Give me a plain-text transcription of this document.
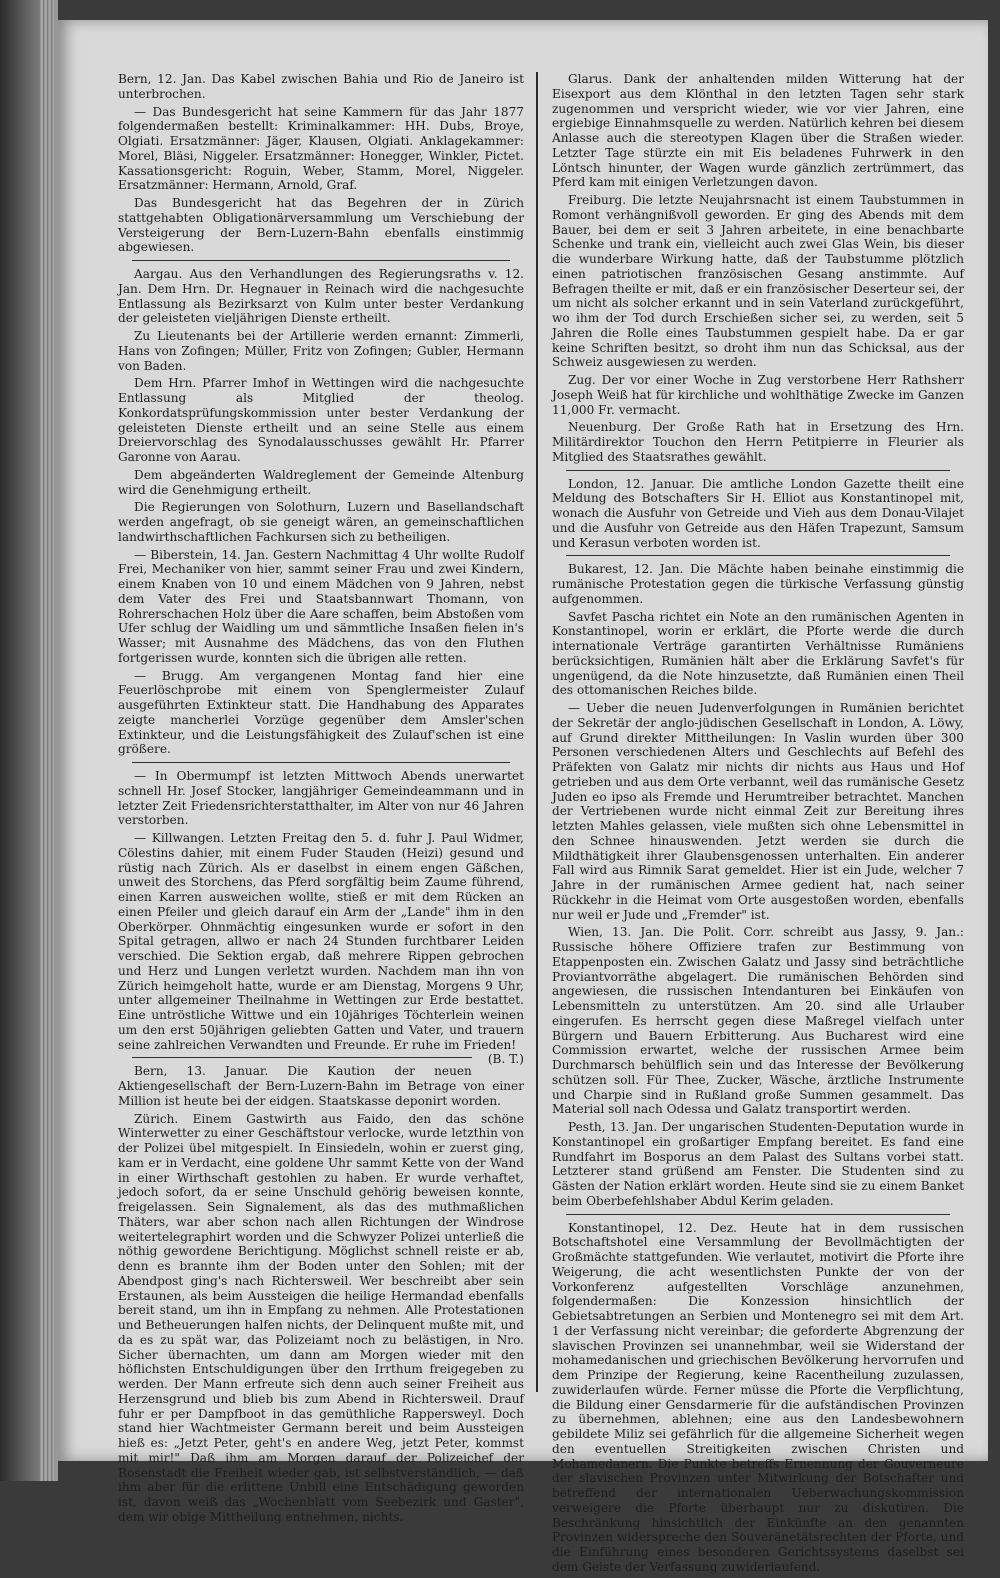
Bern, 12. Jan. Das Kabel zwischen Bahia und Rio de Janeiro ist unterbrochen.

— Das Bundesgericht hat seine Kammern für das Jahr 1877 folgendermaßen bestellt: Kriminalkammer: HH. Dubs, Broye, Olgiati. Ersatzmänner: Jäger, Klausen, Olgiati. Anklagekammer: Morel, Bläsi, Niggeler. Ersatzmänner: Honegger, Winkler, Pictet. Kassationsgericht: Roguin, Weber, Stamm, Morel, Niggeler. Ersatzmänner: Hermann, Arnold, Graf.

Das Bundesgericht hat das Begehren der in Zürich stattgehabten Obligationärversammlung um Verschiebung der Versteigerung der Bern-Luzern-Bahn ebenfalls einstimmig abgewiesen.

Aargau. Aus den Verhandlungen des Regierungsraths v. 12. Jan. Dem Hrn. Dr. Hegnauer in Reinach wird die nachgesuchte Entlassung als Bezirksarzt von Kulm unter bester Verdankung der geleisteten vieljährigen Dienste ertheilt.

Zu Lieutenants bei der Artillerie werden ernannt: Zimmerli, Hans von Zofingen; Müller, Fritz von Zofingen; Gubler, Hermann von Baden.

Dem Hrn. Pfarrer Imhof in Wettingen wird die nachgesuchte Entlassung als Mitglied der theolog. Konkordatsprüfungskommission unter bester Verdankung der geleisteten Dienste ertheilt und an seine Stelle aus einem Dreiervorschlag des Synodalausschusses gewählt Hr. Pfarrer Garonne von Aarau.

Dem abgeänderten Waldreglement der Gemeinde Altenburg wird die Genehmigung ertheilt.

Die Regierungen von Solothurn, Luzern und Basellandschaft werden angefragt, ob sie geneigt wären, an gemeinschaftlichen landwirthschaftlichen Fachkursen sich zu betheiligen.

— Biberstein, 14. Jan. Gestern Nachmittag 4 Uhr wollte Rudolf Frei, Mechaniker von hier, sammt seiner Frau und zwei Kindern, einem Knaben von 10 und einem Mädchen von 9 Jahren, nebst dem Vater des Frei und Staatsbannwart Thomann, von Rohrerschachen Holz über die Aare schaffen, beim Abstoßen vom Ufer schlug der Waidling um und sämmtliche Insaßen fielen in's Wasser; mit Ausnahme des Mädchens, das von den Fluthen fortgerissen wurde, konnten sich die übrigen alle retten.

— Brugg. Am vergangenen Montag fand hier eine Feuerlöschprobe mit einem von Spenglermeister Zulauf ausgeführten Extinkteur statt. Die Handhabung des Apparates zeigte mancherlei Vorzüge gegenüber dem Amsler'schen Extinkteur, und die Leistungsfähigkeit des Zulauf'schen ist eine größere.

— In Obermumpf ist letzten Mittwoch Abends unerwartet schnell Hr. Josef Stocker, langjähriger Gemeindeammann und in letzter Zeit Friedensrichterstatthalter, im Alter von nur 46 Jahren verstorben.

— Killwangen. Letzten Freitag den 5. d. fuhr J. Paul Widmer, Cölestins dahier, mit einem Fuder Stauden (Heizi) gesund und rüstig nach Zürich. Als er daselbst in einem engen Gäßchen, unweit des Storchens, das Pferd sorgfältig beim Zaume führend, einen Karren ausweichen wollte, stieß er mit dem Rücken an einen Pfeiler und gleich darauf ein Arm der „Lande" ihm in den Oberkörper. Ohnmächtig eingesunken wurde er sofort in den Spital getragen, allwo er nach 24 Stunden furchtbarer Leiden verschied. Die Sektion ergab, daß mehrere Rippen gebrochen und Herz und Lungen verletzt wurden. Nachdem man ihn von Zürich heimgeholt hatte, wurde er am Dienstag, Morgens 9 Uhr, unter allgemeiner Theilnahme in Wettingen zur Erde bestattet. Eine untröstliche Wittwe und ein 10jähriges Töchterlein weinen um den erst 50jährigen geliebten Gatten und Vater, und trauern seine zahlreichen Verwandten und Freunde. Er ruhe im Frieden!
(B. T.)

Bern, 13. Januar. Die Kaution der neuen Aktiengesellschaft der Bern-Luzern-Bahn im Betrage von einer Million ist heute bei der eidgen. Staatskasse deponirt worden.

Zürich. Einem Gastwirth aus Faido, den das schöne Winterwetter zu einer Geschäftstour verlocke, wurde letzthin von der Polizei übel mitgespielt. In Einsiedeln, wohin er zuerst ging, kam er in Verdacht, eine goldene Uhr sammt Kette von der Wand in einer Wirthschaft gestohlen zu haben. Er wurde verhaftet, jedoch sofort, da er seine Unschuld gehörig beweisen konnte, freigelassen. Sein Signalement, als das des muthmaßlichen Thäters, war aber schon nach allen Richtungen der Windrose weitertelegraphirt worden und die Schwyzer Polizei unterließ die nöthig gewordene Berichtigung. Möglichst schnell reiste er ab, denn es brannte ihm der Boden unter den Sohlen; mit der Abendpost ging's nach Richtersweil. Wer beschreibt aber sein Erstaunen, als beim Aussteigen die heilige Hermandad ebenfalls bereit stand, um ihn in Empfang zu nehmen. Alle Protestationen und Betheuerungen halfen nichts, der Delinquent mußte mit, und da es zu spät war, das Polizeiamt noch zu belästigen, in Nro. Sicher übernachten, um dann am Morgen wieder mit den höflichsten Entschuldigungen über den Irrthum freigegeben zu werden. Der Mann erfreute sich denn auch seiner Freiheit aus Herzensgrund und blieb bis zum Abend in Richtersweil. Drauf fuhr er per Dampfboot in das gemüthliche Rappersweyl. Doch stand hier Wachtmeister Germann bereit und beim Aussteigen hieß es: „Jetzt Peter, geht's en andere Weg, jetzt Peter, kommst mit mir!" Daß ihm am Morgen darauf der Polizeichef der Rosenstadt die Freiheit wieder gab, ist selbstverständlich, — daß ihm aber für die erlittene Unbill eine Entschädigung geworden ist, davon weiß das „Wochenblatt vom Seebezirk und Gaster", dem wir obige Mittheilung entnehmen, nichts.

Glarus. Dank der anhaltenden milden Witterung hat der Eisexport aus dem Klönthal in den letzten Tagen sehr stark zugenommen und verspricht wieder, wie vor vier Jahren, eine ergiebige Einnahmsquelle zu werden. Natürlich kehren bei diesem Anlasse auch die stereotypen Klagen über die Straßen wieder. Letzter Tage stürzte ein mit Eis beladenes Fuhrwerk in den Löntsch hinunter, der Wagen wurde gänzlich zertrümmert, das Pferd kam mit einigen Verletzungen davon.

Freiburg. Die letzte Neujahrsnacht ist einem Taubstummen in Romont verhängnißvoll geworden. Er ging des Abends mit dem Bauer, bei dem er seit 3 Jahren arbeitete, in eine benachbarte Schenke und trank ein, vielleicht auch zwei Glas Wein, bis dieser die wunderbare Wirkung hatte, daß der Taubstumme plötzlich einen patriotischen französischen Gesang anstimmte. Auf Befragen theilte er mit, daß er ein französischer Deserteur sei, der um nicht als solcher erkannt und in sein Vaterland zurückgeführt, wo ihm der Tod durch Erschießen sicher sei, zu werden, seit 5 Jahren die Rolle eines Taubstummen gespielt habe. Da er gar keine Schriften besitzt, so droht ihm nun das Schicksal, aus der Schweiz ausgewiesen zu werden.

Zug. Der vor einer Woche in Zug verstorbene Herr Rathsherr Joseph Weiß hat für kirchliche und wohlthätige Zwecke im Ganzen 11,000 Fr. vermacht.

Neuenburg. Der Große Rath hat in Ersetzung des Hrn. Militärdirektor Touchon den Herrn Petitpierre in Fleurier als Mitglied des Staatsrathes gewählt.

London, 12. Januar. Die amtliche London Gazette theilt eine Meldung des Botschafters Sir H. Elliot aus Konstantinopel mit, wonach die Ausfuhr von Getreide und Vieh aus dem Donau-Vilajet und die Ausfuhr von Getreide aus den Häfen Trapezunt, Samsum und Kerasun verboten worden ist.

Bukarest, 12. Jan. Die Mächte haben beinahe einstimmig die rumänische Protestation gegen die türkische Verfassung günstig aufgenommen.

Savfet Pascha richtet ein Note an den rumänischen Agenten in Konstantinopel, worin er erklärt, die Pforte werde die durch internationale Verträge garantirten Verhältnisse Rumäniens berücksichtigen, Rumänien hält aber die Erklärung Savfet's für ungenügend, da die Note hinzusetzte, daß Rumänien einen Theil des ottomanischen Reiches bilde.

— Ueber die neuen Judenverfolgungen in Rumänien berichtet der Sekretär der anglo-jüdischen Gesellschaft in London, A. Löwy, auf Grund direkter Mittheilungen: In Vaslin wurden über 300 Personen verschiedenen Alters und Geschlechts auf Befehl des Präfekten von Galatz mir nichts dir nichts aus Haus und Hof getrieben und aus dem Orte verbannt, weil das rumänische Gesetz Juden eo ipso als Fremde und Herumtreiber betrachtet. Manchen der Vertriebenen wurde nicht einmal Zeit zur Bereitung ihres letzten Mahles gelassen, viele mußten sich ohne Lebensmittel in den Schnee hinauswenden. Jetzt werden sie durch die Mildthätigkeit ihrer Glaubensgenossen unterhalten. Ein anderer Fall wird aus Rimnik Sarat gemeldet. Hier ist ein Jude, welcher 7 Jahre in der rumänischen Armee gedient hat, nach seiner Rückkehr in die Heimat vom Orte ausgestoßen worden, ebenfalls nur weil er Jude und „Fremder" ist.

Wien, 13. Jan. Die Polit. Corr. schreibt aus Jassy, 9. Jan.: Russische höhere Offiziere trafen zur Bestimmung von Etappenposten ein. Zwischen Galatz und Jassy sind beträchtliche Proviantvorräthe abgelagert. Die rumänischen Behörden sind angewiesen, die russischen Intendanturen bei Einkäufen von Lebensmitteln zu unterstützen. Am 20. sind alle Urlauber eingerufen. Es herrscht gegen diese Maßregel vielfach unter Bürgern und Bauern Erbitterung. Aus Bucharest wird eine Commission erwartet, welche der russischen Armee beim Durchmarsch behülflich sein und das Interesse der Bevölkerung schützen soll. Für Thee, Zucker, Wäsche, ärztliche Instrumente und Charpie sind in Rußland große Summen gesammelt. Das Material soll nach Odessa und Galatz transportirt werden.

Pesth, 13. Jan. Der ungarischen Studenten-Deputation wurde in Konstantinopel ein großartiger Empfang bereitet. Es fand eine Rundfahrt im Bosporus an dem Palast des Sultans vorbei statt. Letzterer stand grüßend am Fenster. Die Studenten sind zu Gästen der Nation erklärt worden. Heute sind sie zu einem Banket beim Oberbefehlshaber Abdul Kerim geladen.

Konstantinopel, 12. Dez. Heute hat in dem russischen Botschaftshotel eine Versammlung der Bevollmächtigten der Großmächte stattgefunden. Wie verlautet, motivirt die Pforte ihre Weigerung, die acht wesentlichsten Punkte der von der Vorkonferenz aufgestellten Vorschläge anzunehmen, folgendermaßen: Die Konzession hinsichtlich der Gebietsabtretungen an Serbien und Montenegro sei mit dem Art. 1 der Verfassung nicht vereinbar; die geforderte Abgrenzung der slavischen Provinzen sei unannehmbar, weil sie Widerstand der mohamedanischen und griechischen Bevölkerung hervorrufen und dem Prinzipe der Regierung, keine Racentheilung zuzulassen, zuwiderlaufen würde. Ferner müsse die Pforte die Verpflichtung, die Bildung einer Gensdarmerie für die aufständischen Provinzen zu übernehmen, ablehnen; eine aus den Landesbewohnern gebildete Miliz sei gefährlich für die allgemeine Sicherheit wegen den eventuellen Streitigkeiten zwischen Christen und Mohamedanern. Die Punkte betreffs Ernennung der Gouverneure der slavischen Provinzen unter Mitwirkung der Botschafter und betreffend der internationalen Ueberwachungskommission verweigere die Pforte überhaupt nur zu diskutiren. Die Beschränkung hinsichtlich der Einkünfte an den genannten Provinzen widerspreche den Souveränetätsrechten der Pforte, und die Einführung eines besonderen Gerichtssystems daselbst sei dem Geiste der Verfassung zuwiderlaufend.
